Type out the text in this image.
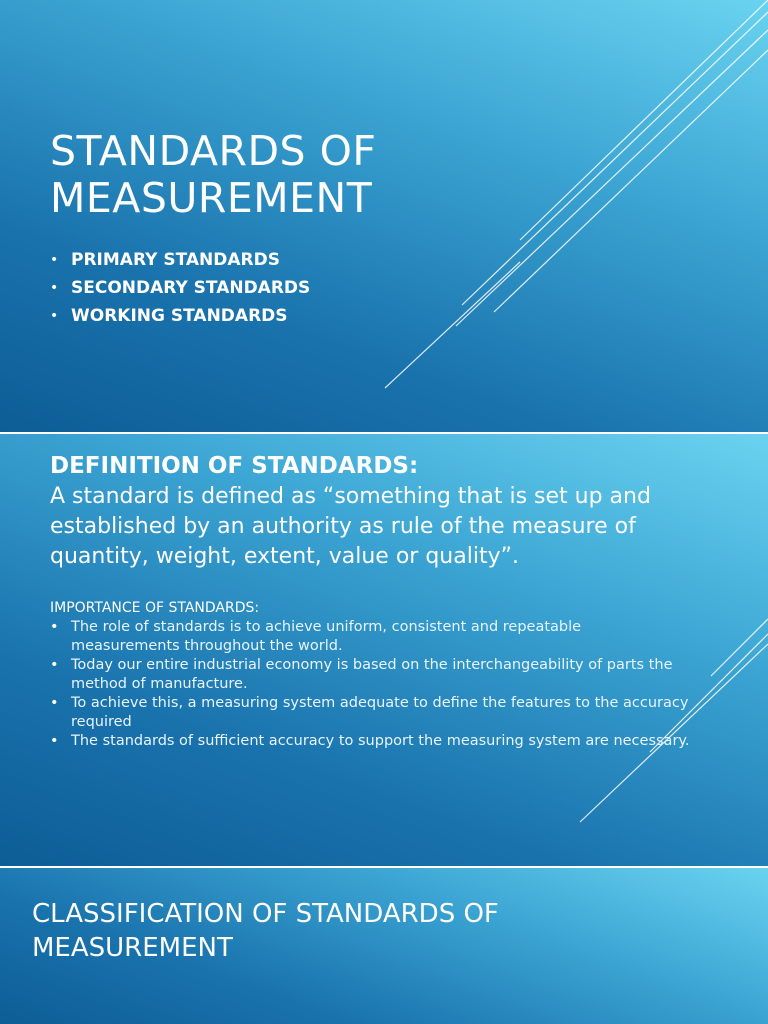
STANDARDS OF MEASUREMENT
• PRIMARY STANDARDS
• SECONDARY STANDARDS
• WORKING STANDARDS
DEFINITION OF STANDARDS:

A standard is defined as “something that is set up and established by an authority as rule of the measure of quantity, weight, extent, value or quality”.

IMPORTANCE OF STANDARDS:
• The role of standards is to achieve uniform, consistent and repeatable measurements throughout the world.
• Today our entire industrial economy is based on the interchangeability of parts the method of manufacture.
• To achieve this, a measuring system adequate to define the features to the accuracy required
• The standards of sufficient accuracy to support the measuring system are necessary.
CLASSIFICATION OF STANDARDS OF MEASUREMENT
